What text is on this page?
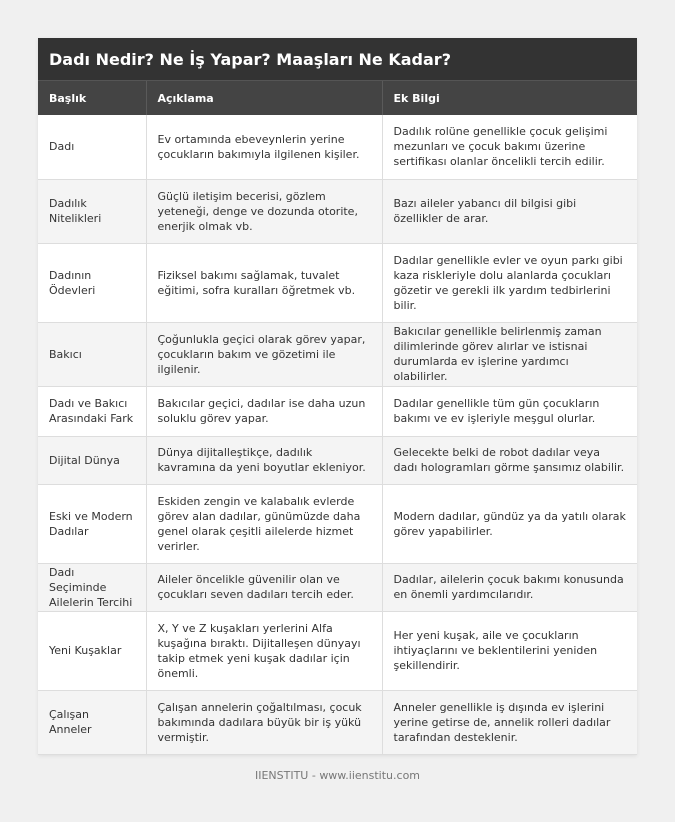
Dadı Nedir? Ne İş Yapar? Maaşları Ne Kadar?
Başlık	Açıklama	Ek Bilgi
Dadı	Ev ortamında ebeveynlerin yerine çocukların bakımıyla ilgilenen kişiler.	Dadılık rolüne genellikle çocuk gelişimi mezunları ve çocuk bakımı üzerine sertifikası olanlar öncelikli tercih edilir.
Dadılık Nitelikleri	Güçlü iletişim becerisi, gözlem yeteneği, denge ve dozunda otorite, enerjik olmak vb.	Bazı aileler yabancı dil bilgisi gibi özellikler de arar.
Dadının Ödevleri	Fiziksel bakımı sağlamak, tuvalet eğitimi, sofra kuralları öğretmek vb.	Dadılar genellikle evler ve oyun parkı gibi kaza riskleriyle dolu alanlarda çocukları gözetir ve gerekli ilk yardım tedbirlerini bilir.
Bakıcı	Çoğunlukla geçici olarak görev yapar, çocukların bakım ve gözetimi ile ilgilenir.	Bakıcılar genellikle belirlenmiş zaman dilimlerinde görev alırlar ve istisnai durumlarda ev işlerine yardımcı olabilirler.
Dadı ve Bakıcı Arasındaki Fark	Bakıcılar geçici, dadılar ise daha uzun soluklu görev yapar.	Dadılar genellikle tüm gün çocukların bakımı ve ev işleriyle meşgul olurlar.
Dijital Dünya	Dünya dijitalleştikçe, dadılık kavramına da yeni boyutlar ekleniyor.	Gelecekte belki de robot dadılar veya dadı hologramları görme şansımız olabilir.
Eski ve Modern Dadılar	Eskiden zengin ve kalabalık evlerde görev alan dadılar, günümüzde daha genel olarak çeşitli ailelerde hizmet verirler.	Modern dadılar, gündüz ya da yatılı olarak görev yapabilirler.
Dadı Seçiminde Ailelerin Tercihi	Aileler öncelikle güvenilir olan ve çocukları seven dadıları tercih eder.	Dadılar, ailelerin çocuk bakımı konusunda en önemli yardımcılarıdır.
Yeni Kuşaklar	X, Y ve Z kuşakları yerlerini Alfa kuşağına bıraktı. Dijitalleşen dünyayı takip etmek yeni kuşak dadılar için önemli.	Her yeni kuşak, aile ve çocukların ihtiyaçlarını ve beklentilerini yeniden şekillendirir.
Çalışan Anneler	Çalışan annelerin çoğaltılması, çocuk bakımında dadılara büyük bir iş yükü vermiştir.	Anneler genellikle iş dışında ev işlerini yerine getirse de, annelik rolleri dadılar tarafından desteklenir.
IIENSTITU - www.iienstitu.com
